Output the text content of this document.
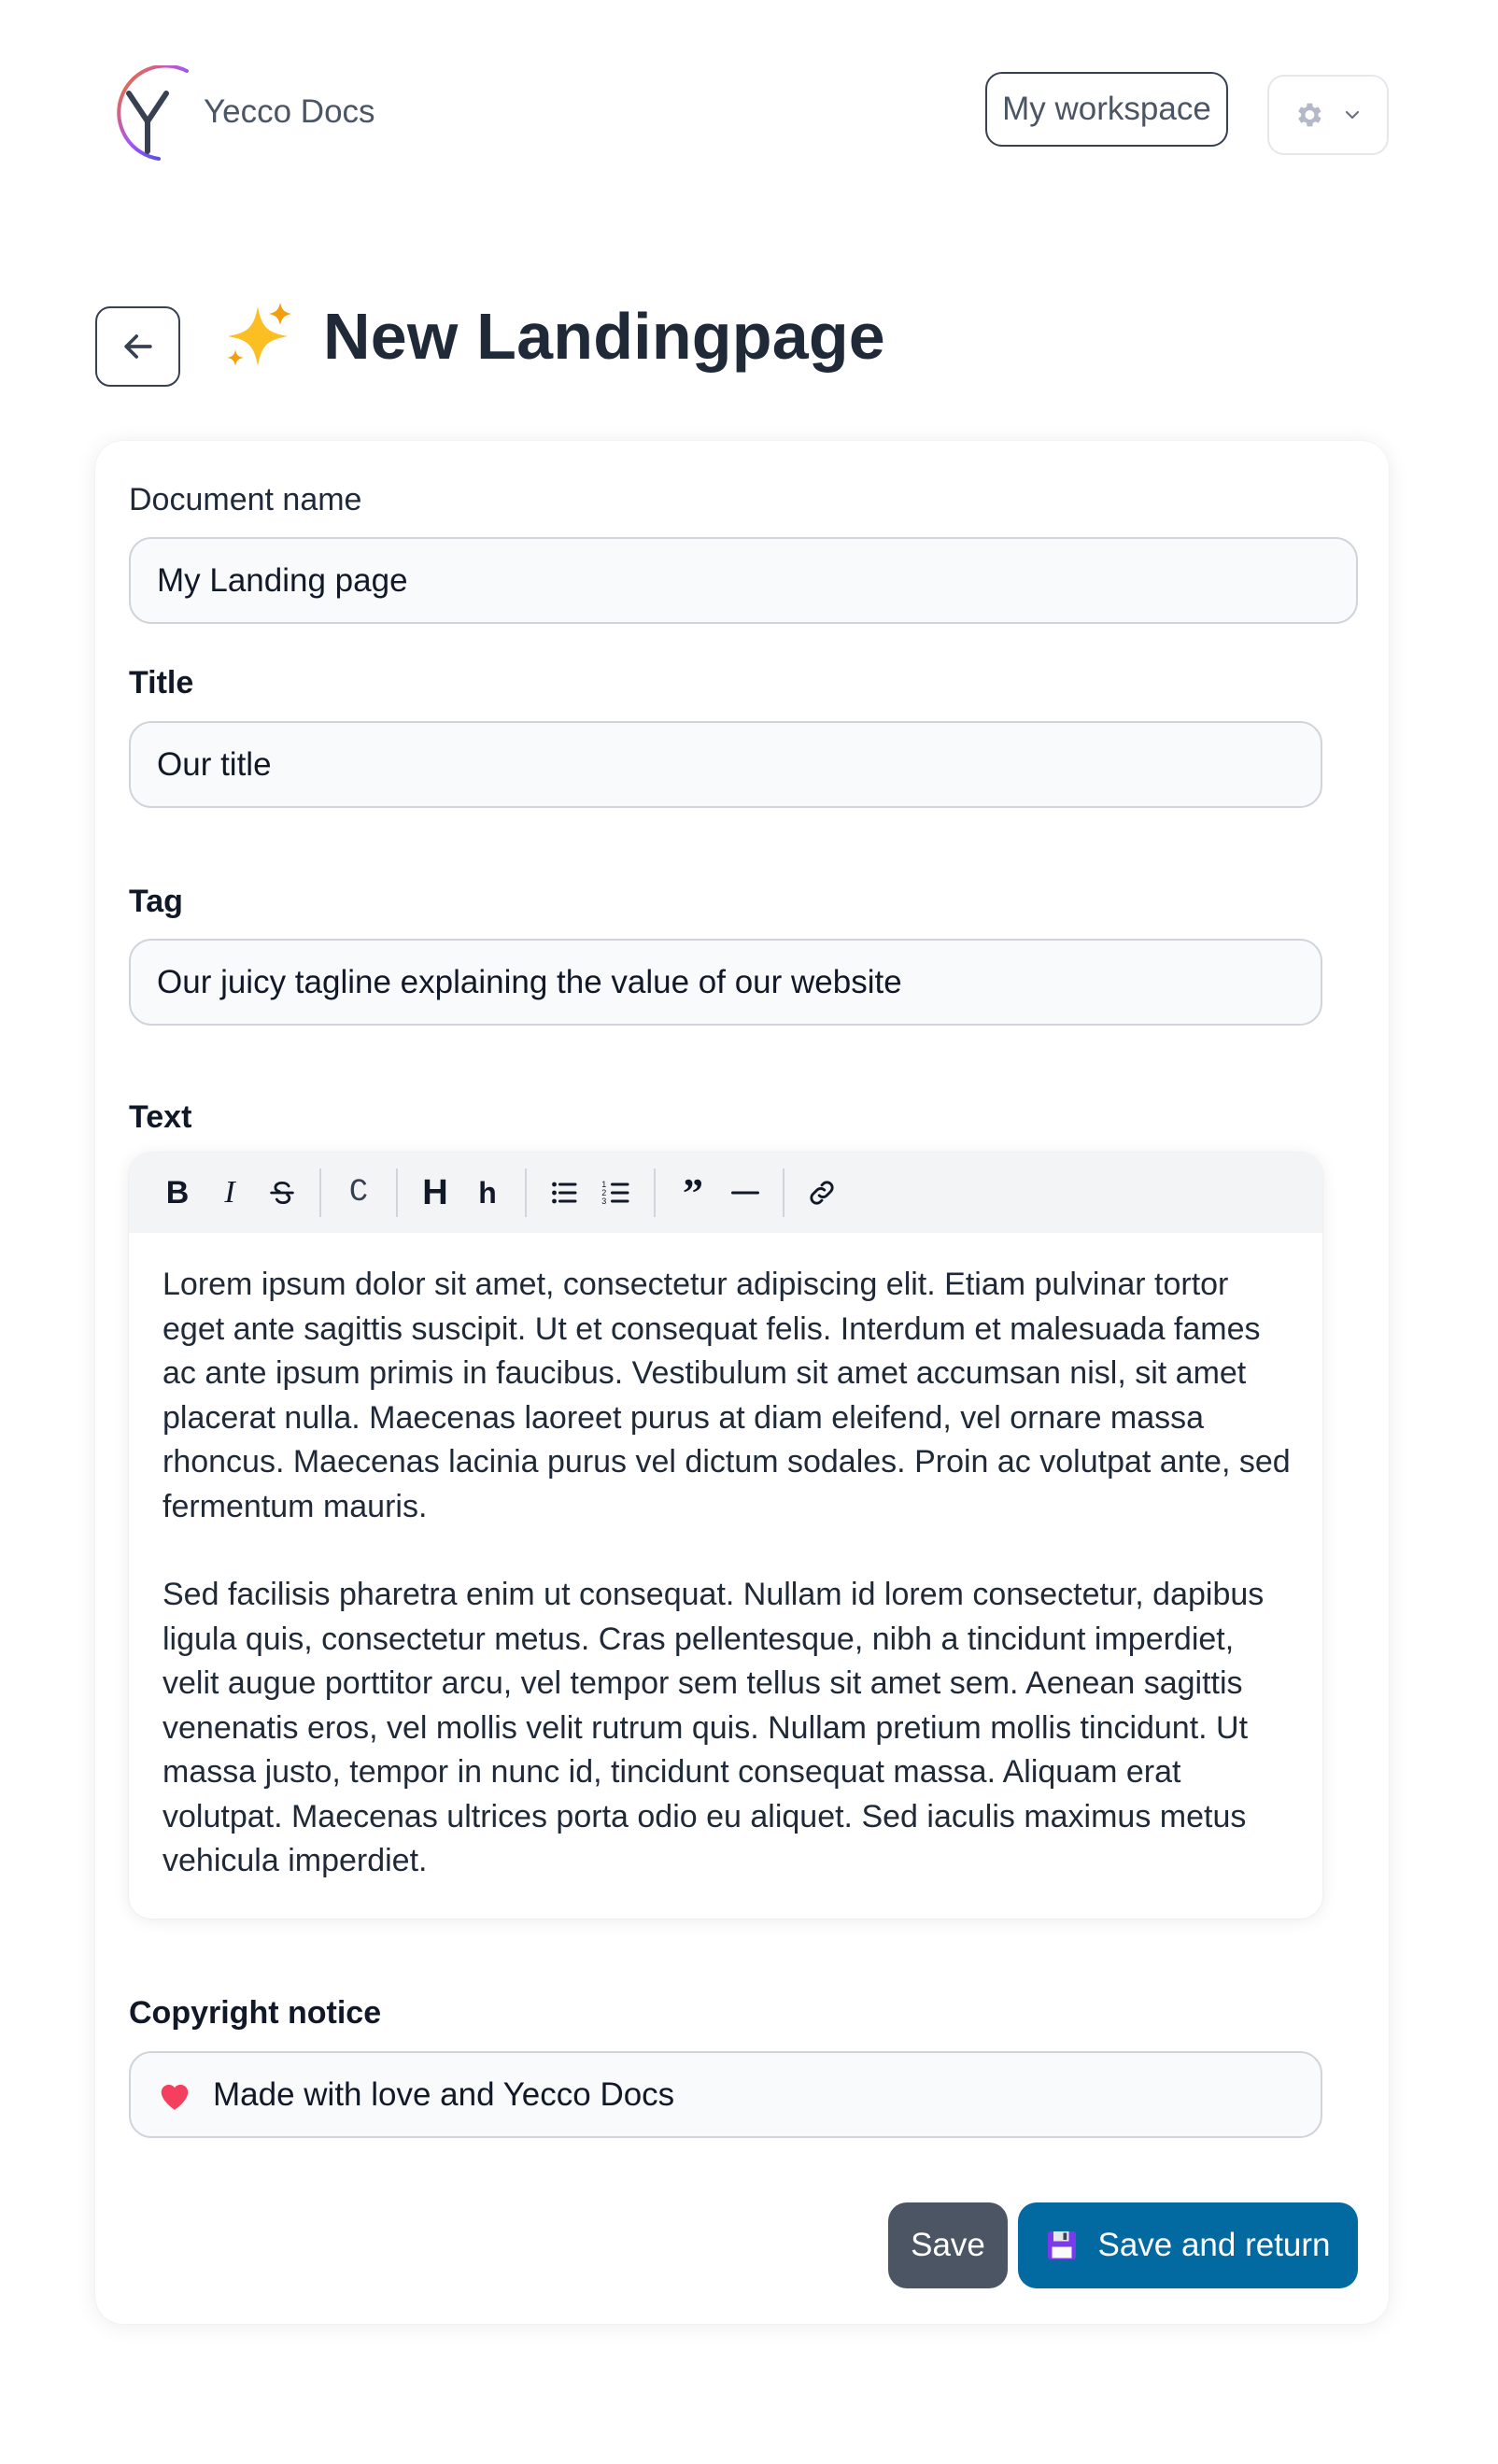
Yecco Docs	My workspace
New Landingpage
Document name
My Landing page
Title
Our title
Tag
Our juicy tagline explaining the value of our website
Text
B	I	C	H	h	1
2
3	”

Lorem ipsum dolor sit amet, consectetur adipiscing elit. Etiam pulvinar tortor eget ante sagittis suscipit. Ut et consequat felis. Interdum et malesuada fames ac ante ipsum primis in faucibus. Vestibulum sit amet accumsan nisl, sit amet placerat nulla. Maecenas laoreet purus at diam eleifend, vel ornare massa rhoncus. Maecenas lacinia purus vel dictum sodales. Proin ac volutpat ante, sed fermentum mauris.

Sed facilisis pharetra enim ut consequat. Nullam id lorem consectetur, dapibus ligula quis, consectetur metus. Cras pellentesque, nibh a tincidunt imperdiet, velit augue porttitor arcu, vel tempor sem tellus sit amet sem. Aenean sagittis venenatis eros, vel mollis velit rutrum quis. Nullam pretium mollis tincidunt. Ut massa justo, tempor in nunc id, tincidunt consequat massa. Aliquam erat volutpat. Maecenas ultrices porta odio eu aliquet. Sed iaculis maximus metus vehicula imperdiet.

Copyright notice
Made with love and Yecco Docs
Save	Save and return
